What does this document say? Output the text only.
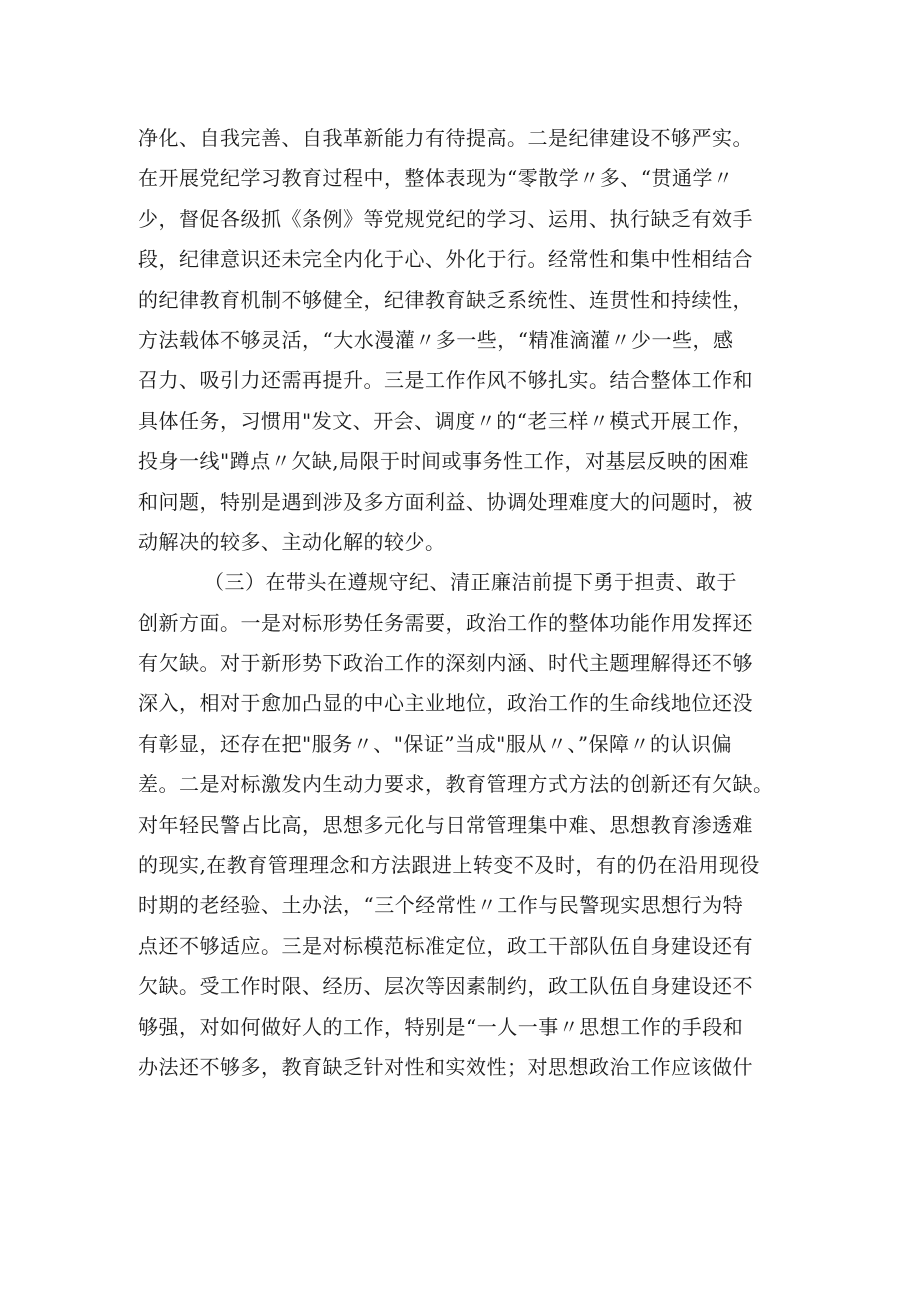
净化、自我完善、自我革新能力有待提高。二是纪律建设不够严实。
在开展党纪学习教育过程中，整体表现为“零散学〃多、“贯通学〃
少，督促各级抓《条例》等党规党纪的学习、运用、执行缺乏有效手
段，纪律意识还未完全内化于心、外化于行。经常性和集中性相结合
的纪律教育机制不够健全，纪律教育缺乏系统性、连贯性和持续性，
方法载体不够灵活，“大水漫灌〃多一些，“精准滴灌〃少一些，感
召力、吸引力还需再提升。三是工作作风不够扎实。结合整体工作和
具体任务，习惯用"发文、开会、调度〃的“老三样〃模式开展工作，
投身一线"蹲点〃欠缺,局限于时间或事务性工作，对基层反映的困难
和问题，特别是遇到涉及多方面利益、协调处理难度大的问题时，被
动解决的较多、主动化解的较少。
（三）在带头在遵规守纪、清正廉洁前提下勇于担责、敢于
创新方面。一是对标形势任务需要，政治工作的整体功能作用发挥还
有欠缺。对于新形势下政治工作的深刻内涵、时代主题理解得还不够
深入，相对于愈加凸显的中心主业地位，政治工作的生命线地位还没
有彰显，还存在把"服务〃、"保证”当成"服从〃、”保障〃的认识偏
差。二是对标激发内生动力要求，教育管理方式方法的创新还有欠缺。
对年轻民警占比高，思想多元化与日常管理集中难、思想教育渗透难
的现实,在教育管理理念和方法跟进上转变不及时，有的仍在沿用现役
时期的老经验、土办法，“三个经常性〃工作与民警现实思想行为特
点还不够适应。三是对标模范标准定位，政工干部队伍自身建设还有
欠缺。受工作时限、经历、层次等因素制约，政工队伍自身建设还不
够强，对如何做好人的工作，特别是“一人一事〃思想工作的手段和
办法还不够多，教育缺乏针对性和实效性；对思想政治工作应该做什
